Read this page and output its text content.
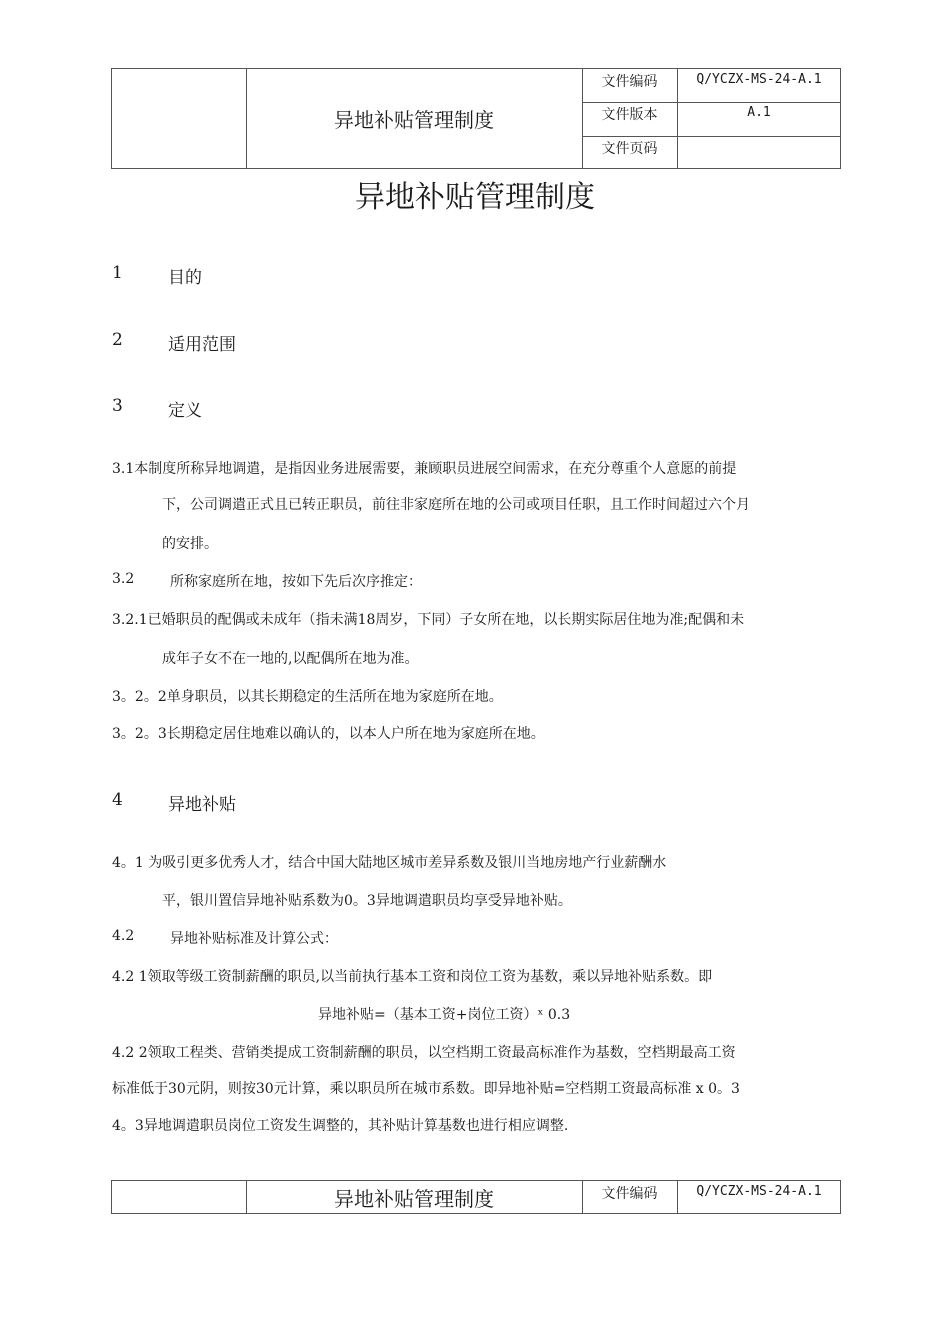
异地补贴管理制度
文件编码	Q/YCZX-MS-24-A.1
文件版本	A.1
文件页码
异地补贴管理制度
1	目的
2	适用范围
3	定义
3.1本制度所称异地调遣，是指因业务进展需要，兼顾职员进展空间需求，在充分尊重个人意愿的前提
下，公司调遣正式且已转正职员，前往非家庭所在地的公司或项目任职，且工作时间超过六个月
的安排。
3.2	所称家庭所在地，按如下先后次序推定：
3.2.1已婚职员的配偶或未成年（指未满18周岁，下同）子女所在地，以长期实际居住地为准;配偶和未
成年子女不在一地的,以配偶所在地为准。
3。2。2单身职员，以其长期稳定的生活所在地为家庭所在地。
3。2。3长期稳定居住地难以确认的，以本人户所在地为家庭所在地。
4	异地补贴
4。1 为吸引更多优秀人才，结合中国大陆地区城市差异系数及银川当地房地产行业薪酬水
平，银川置信异地补贴系数为0。3异地调遣职员均享受异地补贴。
4.2	异地补贴标准及计算公式：
4.2 1领取等级工资制薪酬的职员,以当前执行基本工资和岗位工资为基数，乘以异地补贴系数。即
异地补贴=（基本工资+岗位工资）ˣ 0.3
4.2 2领取工程类、营销类提成工资制薪酬的职员，以空档期工资最高标准作为基数，空档期最高工资
标准低于30元阴，则按30元计算，乘以职员所在城市系数。即异地补贴=空档期工资最高标准 x 0。3
4。3异地调遣职员岗位工资发生调整的，其补贴计算基数也进行相应调整.
异地补贴管理制度	文件编码	Q/YCZX-MS-24-A.1
